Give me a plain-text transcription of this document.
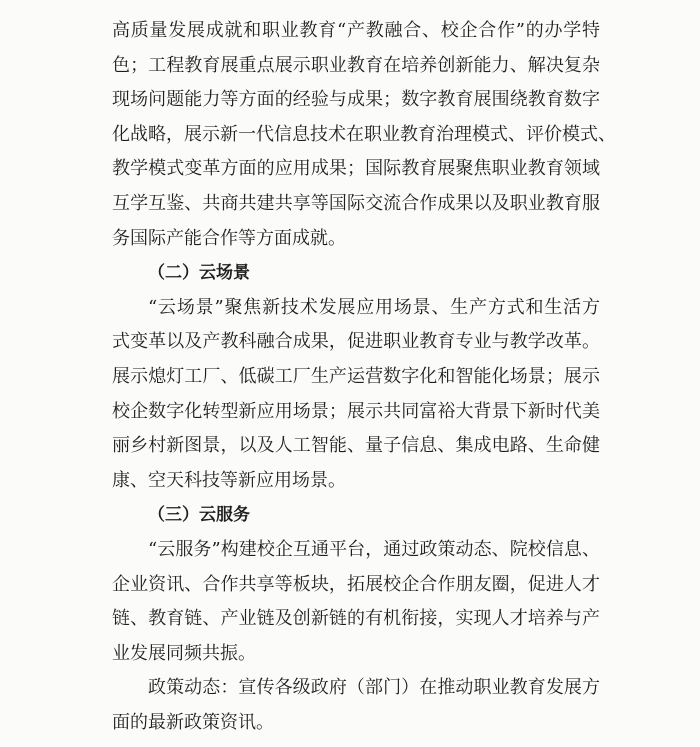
高质量发展成就和职业教育“产教融合、校企合作”的办学特
色；工程教育展重点展示职业教育在培养创新能力、解决复杂
现场问题能力等方面的经验与成果；数字教育展围绕教育数字
化战略，展示新一代信息技术在职业教育治理模式、评价模式、
教学模式变革方面的应用成果；国际教育展聚焦职业教育领域
互学互鉴、共商共建共享等国际交流合作成果以及职业教育服
务国际产能合作等方面成就。
（二）云场景
“云场景”聚焦新技术发展应用场景、生产方式和生活方
式变革以及产教科融合成果，促进职业教育专业与教学改革。
展示熄灯工厂、低碳工厂生产运营数字化和智能化场景；展示
校企数字化转型新应用场景；展示共同富裕大背景下新时代美
丽乡村新图景，以及人工智能、量子信息、集成电路、生命健
康、空天科技等新应用场景。
（三）云服务
“云服务”构建校企互通平台，通过政策动态、院校信息、
企业资讯、合作共享等板块，拓展校企合作朋友圈，促进人才
链、教育链、产业链及创新链的有机衔接，实现人才培养与产
业发展同频共振。
政策动态：宣传各级政府（部门）在推动职业教育发展方
面的最新政策资讯。
